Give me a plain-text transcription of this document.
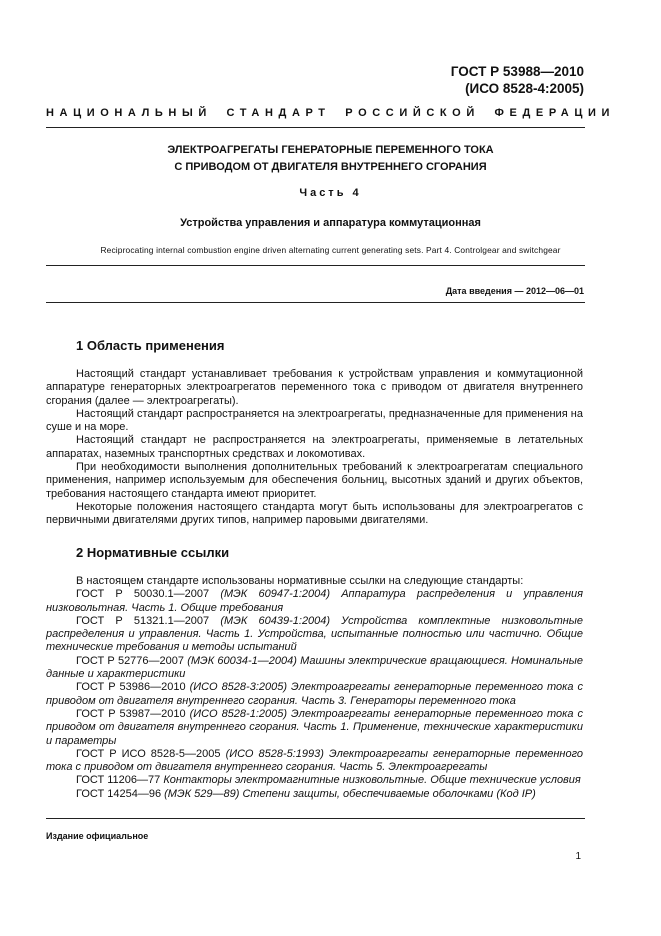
ГОСТ Р 53988—2010
(ИСО 8528-4:2005)
НАЦИОНАЛЬНЫЙ СТАНДАРТ РОССИЙСКОЙ ФЕДЕРАЦИИ
ЭЛЕКТРОАГРЕГАТЫ ГЕНЕРАТОРНЫЕ ПЕРЕМЕННОГО ТОКА
С ПРИВОДОМ ОТ ДВИГАТЕЛЯ ВНУТРЕННЕГО СГОРАНИЯ
Часть 4
Устройства управления и аппаратура коммутационная
Reciprocating internal combustion engine driven alternating current generating sets. Part 4. Controlgear and switchgear
Дата введения — 2012—06—01
1 Область применения

Настоящий стандарт устанавливает требования к устройствам управления и коммутационной аппаратуре генераторных электроагрегатов переменного тока с приводом от двигателя внутреннего сгорания (далее — электроагрегаты).

Настоящий стандарт распространяется на электроагрегаты, предназначенные для применения на суше и на море.

Настоящий стандарт не распространяется на электроагрегаты, применяемые в летательных аппаратах, наземных транспортных средствах и локомотивах.

При необходимости выполнения дополнительных требований к электроагрегатам специального применения, например используемым для обеспечения больниц, высотных зданий и других объектов, требования настоящего стандарта имеют приоритет.

Некоторые положения настоящего стандарта могут быть использованы для электроагрегатов с первичными двигателями других типов, например паровыми двигателями.

2 Нормативные ссылки

В настоящем стандарте использованы нормативные ссылки на следующие стандарты:

ГОСТ Р 50030.1—2007 (МЭК 60947-1:2004) Аппаратура распределения и управления низковольтная. Часть 1. Общие требования

ГОСТ Р 51321.1—2007 (МЭК 60439-1:2004) Устройства комплектные низковольтные распределения и управления. Часть 1. Устройства, испытанные полностью или частично. Общие технические требования и методы испытаний

ГОСТ Р 52776—2007 (МЭК 60034-1—2004) Машины электрические вращающиеся. Номинальные данные и характеристики

ГОСТ Р 53986—2010 (ИСО 8528-3:2005) Электроагрегаты генераторные переменного тока с приводом от двигателя внутреннего сгорания. Часть 3. Генераторы переменного тока

ГОСТ Р 53987—2010 (ИСО 8528-1:2005) Электроагрегаты генераторные переменного тока с приводом от двигателя внутреннего сгорания. Часть 1. Применение, технические характеристики и параметры

ГОСТ Р ИСО 8528-5—2005 (ИСО 8528-5:1993) Электроагрегаты генераторные переменного тока с приводом от двигателя внутреннего сгорания. Часть 5. Электроагрегаты

ГОСТ 11206—77 Контакторы электромагнитные низковольтные. Общие технические условия

ГОСТ 14254—96 (МЭК 529—89) Степени защиты, обеспечиваемые оболочками (Код IP)

Издание официальное
1
